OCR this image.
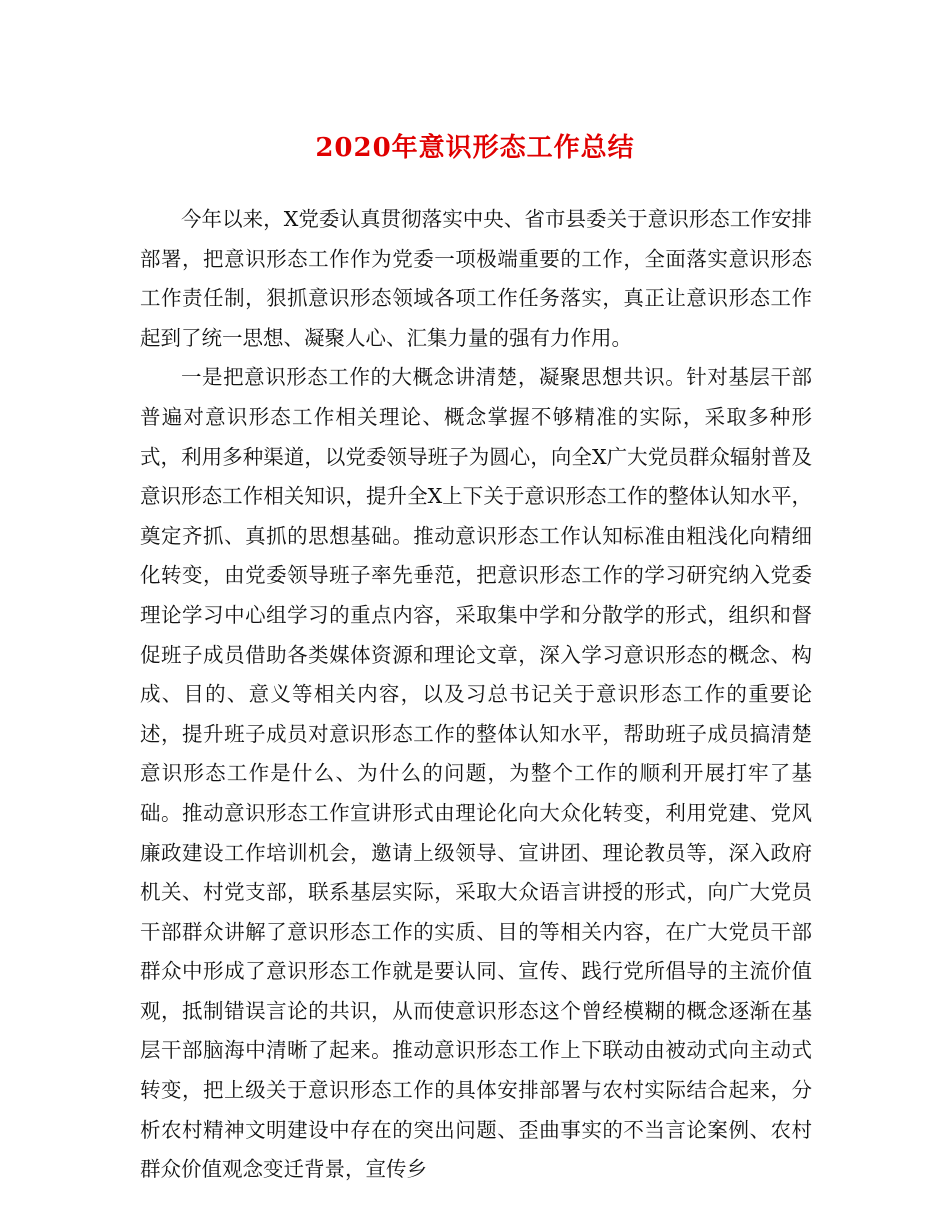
2020年意识形态工作总结

今年以来，X党委认真贯彻落实中央、省市县委关于意识形态工作安排部署，把意识形态工作作为党委一项极端重要的工作，全面落实意识形态工作责任制，狠抓意识形态领域各项工作任务落实，真正让意识形态工作起到了统一思想、凝聚人心、汇集力量的强有力作用。

一是把意识形态工作的大概念讲清楚，凝聚思想共识。针对基层干部普遍对意识形态工作相关理论、概念掌握不够精准的实际，采取多种形式，利用多种渠道，以党委领导班子为圆心，向全X广大党员群众辐射普及意识形态工作相关知识，提升全X上下关于意识形态工作的整体认知水平，奠定齐抓、真抓的思想基础。推动意识形态工作认知标准由粗浅化向精细化转变，由党委领导班子率先垂范，把意识形态工作的学习研究纳入党委理论学习中心组学习的重点内容，采取集中学和分散学的形式，组织和督促班子成员借助各类媒体资源和理论文章，深入学习意识形态的概念、构成、目的、意义等相关内容，以及习总书记关于意识形态工作的重要论述，提升班子成员对意识形态工作的整体认知水平，帮助班子成员搞清楚意识形态工作是什么、为什么的问题，为整个工作的顺利开展打牢了基础。推动意识形态工作宣讲形式由理论化向大众化转变，利用党建、党风廉政建设工作培训机会，邀请上级领导、宣讲团、理论教员等，深入政府机关、村党支部，联系基层实际，采取大众语言讲授的形式，向广大党员干部群众讲解了意识形态工作的实质、目的等相关内容，在广大党员干部群众中形成了意识形态工作就是要认同、宣传、践行党所倡导的主流价值观，抵制错误言论的共识，从而使意识形态这个曾经模糊的概念逐渐在基层干部脑海中清晰了起来。推动意识形态工作上下联动由被动式向主动式转变，把上级关于意识形态工作的具体安排部署与农村实际结合起来，分析农村精神文明建设中存在的突出问题、歪曲事实的不当言论案例、农村群众价值观念变迁背景，宣传乡
